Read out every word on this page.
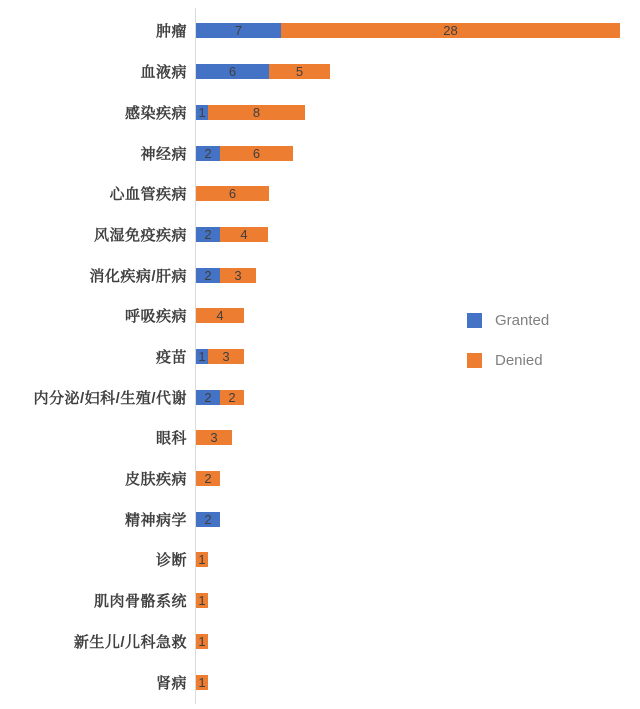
肿瘤	7	28
血液病	6	5
感染疾病 1	8
神经病	2	6
心血管疾病	6
风湿免疫疾病	2	4
消化疾病/肝病	2	3
呼吸疾病	4
疫苗 1	3
内分泌/妇科/生殖/代谢	2	2
眼科	3
皮肤疾病	2
精神病学	2
诊断 1
肌肉骨骼系统 1
新生儿/儿科急救 1
肾病 1
Granted
Denied
